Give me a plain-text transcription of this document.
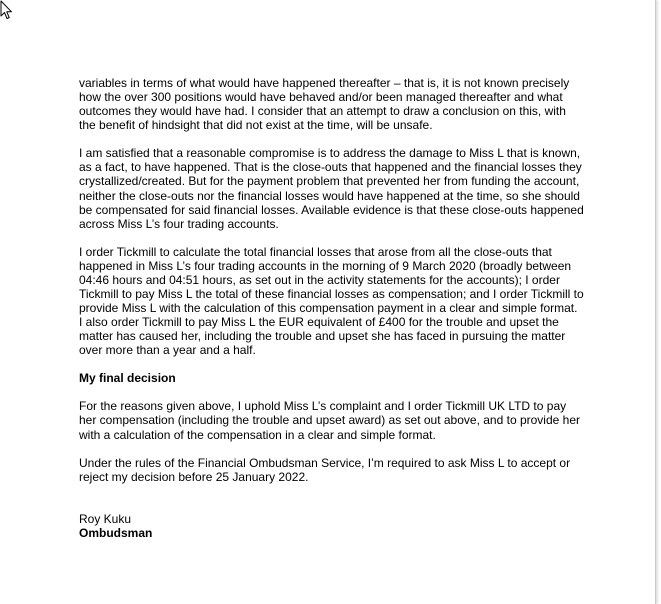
variables in terms of what would have happened thereafter – that is, it is not known precisely how the over 300 positions would have behaved and/or been managed thereafter and what outcomes they would have had. I consider that an attempt to draw a conclusion on this, with the benefit of hindsight that did not exist at the time, will be unsafe.

I am satisfied that a reasonable compromise is to address the damage to Miss L that is known, as a fact, to have happened. That is the close-outs that happened and the financial losses they crystallized/created. But for the payment problem that prevented her from funding the account, neither the close-outs nor the financial losses would have happened at the time, so she should be compensated for said financial losses. Available evidence is that these close-outs happened across Miss L’s four trading accounts.

I order Tickmill to calculate the total financial losses that arose from all the close-outs that happened in Miss L’s four trading accounts in the morning of 9 March 2020 (broadly between 04:46 hours and 04:51 hours, as set out in the activity statements for the accounts); I order Tickmill to pay Miss L the total of these financial losses as compensation; and I order Tickmill to provide Miss L with the calculation of this compensation payment in a clear and simple format. I also order Tickmill to pay Miss L the EUR equivalent of £400 for the trouble and upset the matter has caused her, including the trouble and upset she has faced in pursuing the matter over more than a year and a half.

My final decision

For the reasons given above, I uphold Miss L’s complaint and I order Tickmill UK LTD to pay her compensation (including the trouble and upset award) as set out above, and to provide her with a calculation of the compensation in a clear and simple format.

Under the rules of the Financial Ombudsman Service, I’m required to ask Miss L to accept or reject my decision before 25 January 2022.

Roy Kuku
Ombudsman
